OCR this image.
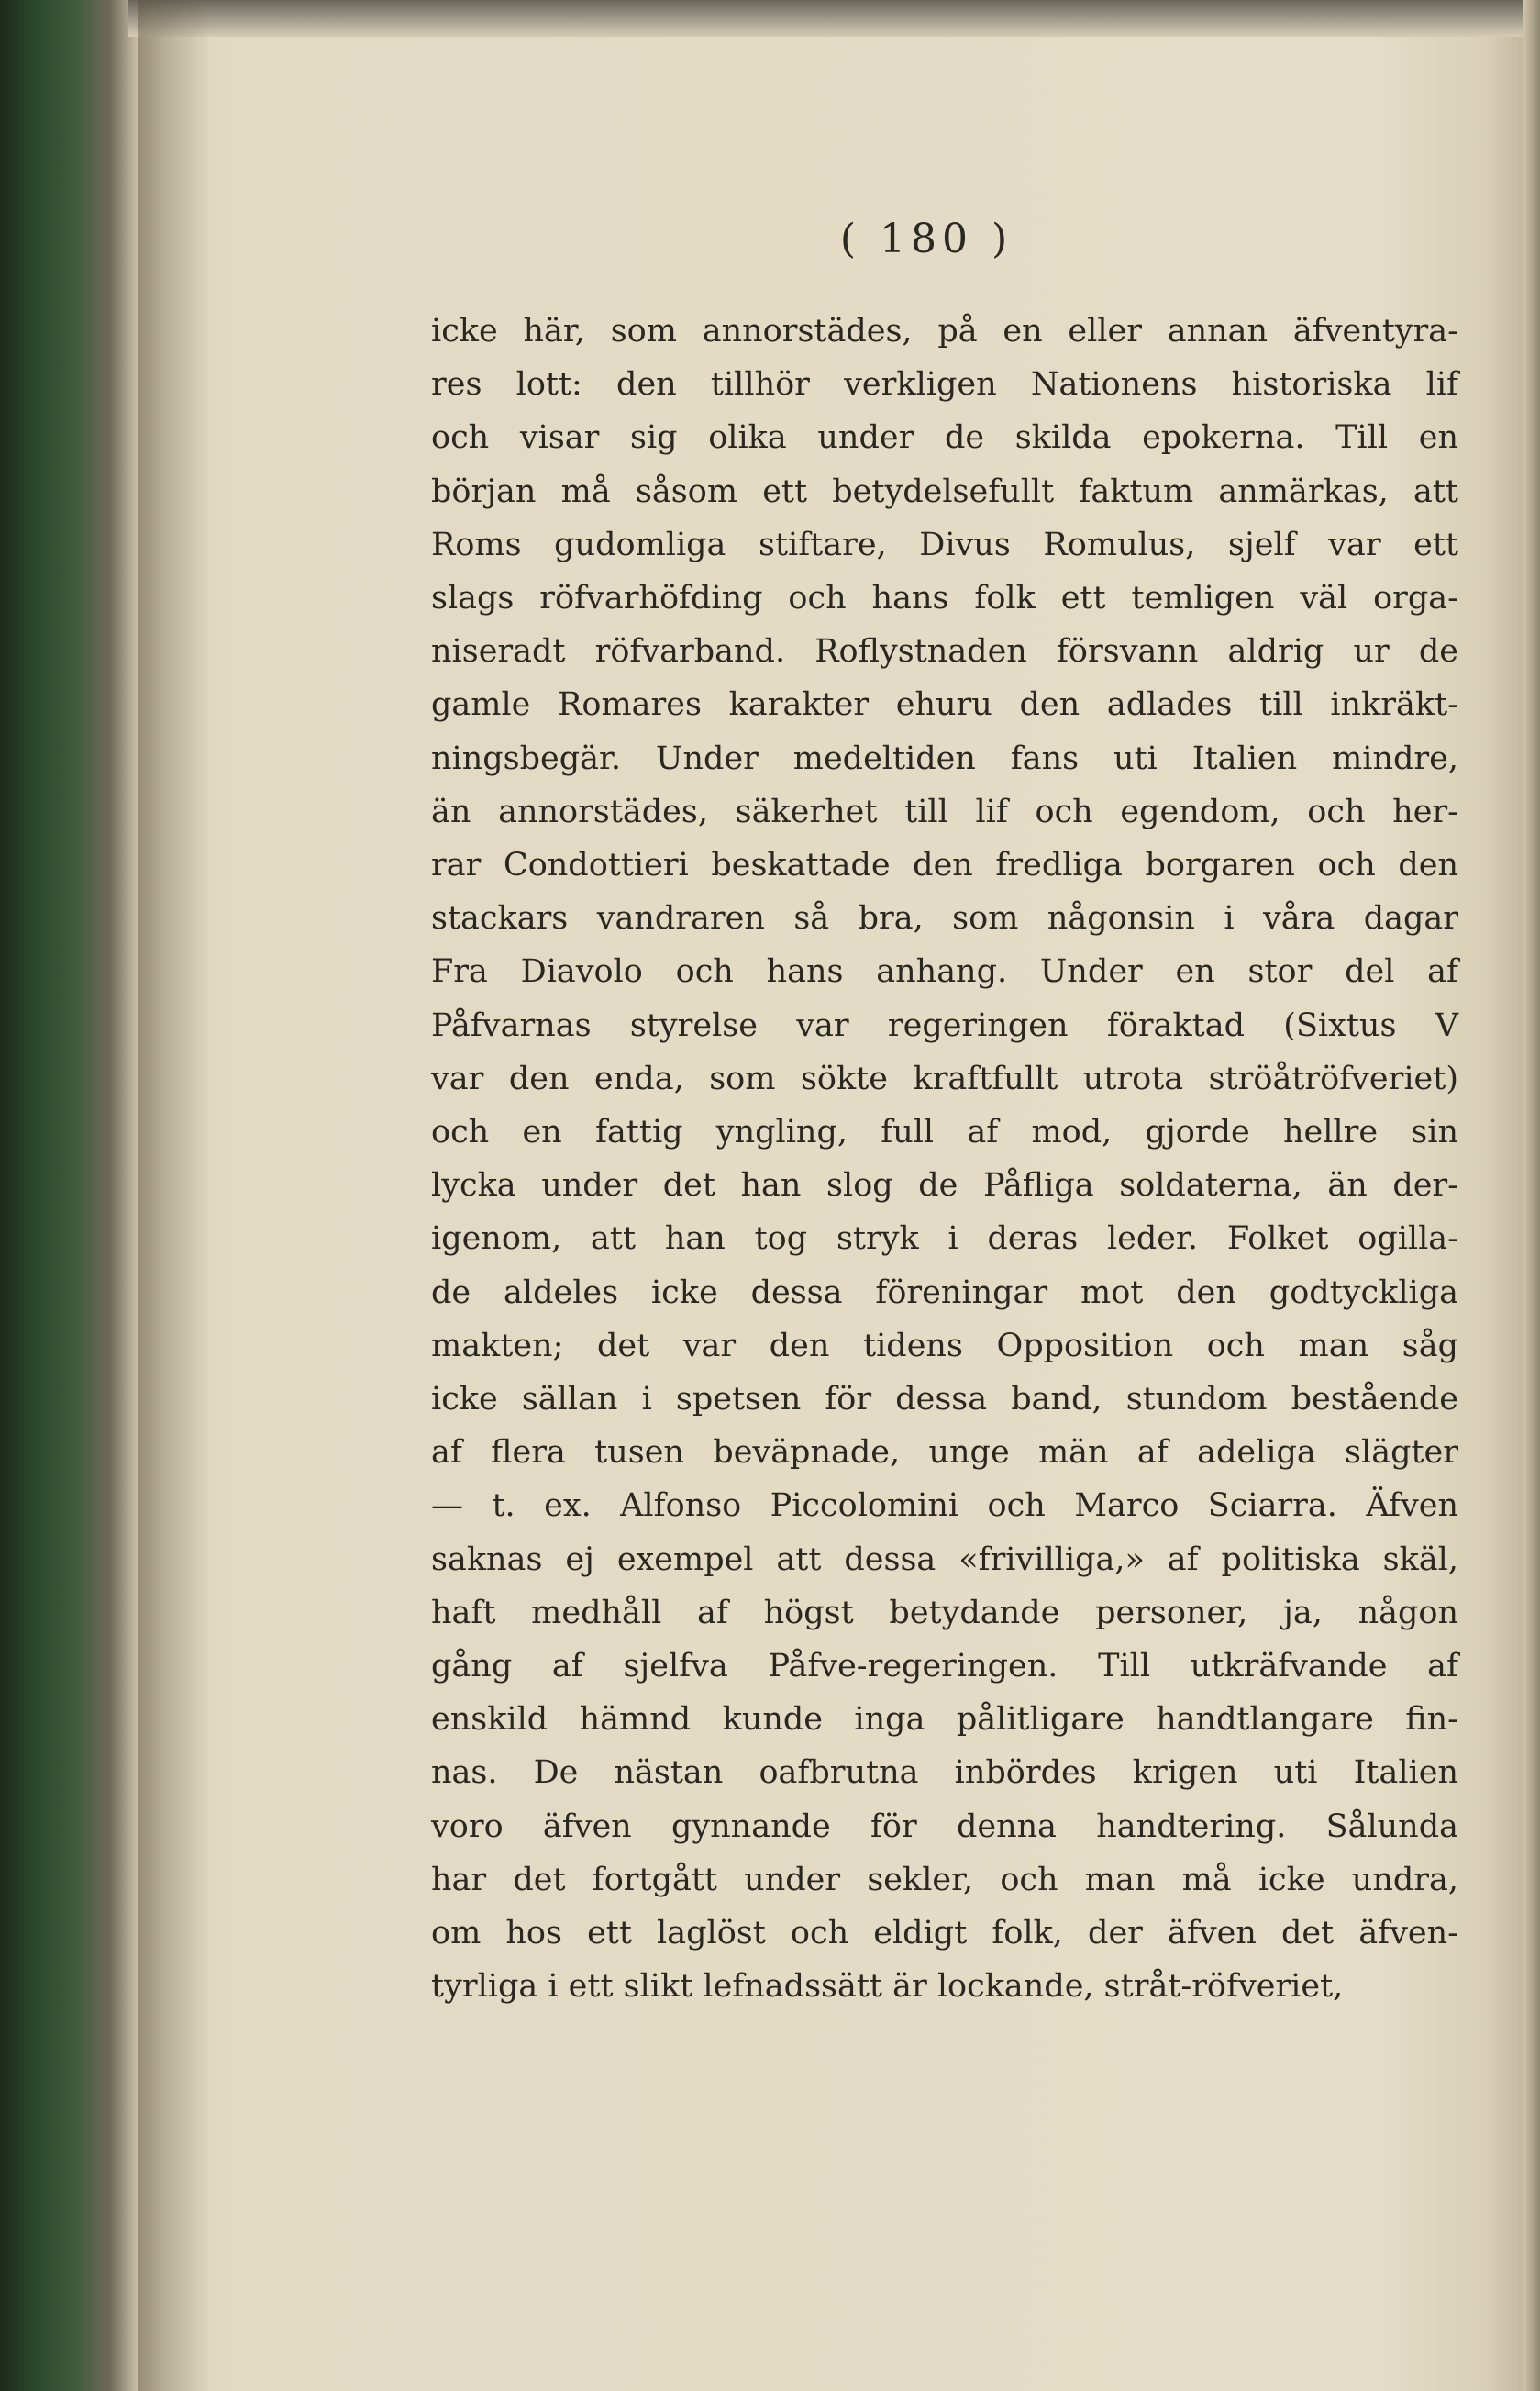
( 180 )
icke här, som annorstädes, på en eller annan äfventyra-
res lott: den tillhör verkligen Nationens historiska lif
och visar sig olika under de skilda epokerna. Till en
början må såsom ett betydelsefullt faktum anmärkas, att
Roms gudomliga stiftare, Divus Romulus, sjelf var ett
slags röfvarhöfding och hans folk ett temligen väl orga-
niseradt röfvarband. Roflystnaden försvann aldrig ur de
gamle Romares karakter ehuru den adlades till inkräkt-
ningsbegär. Under medeltiden fans uti Italien mindre,
än annorstädes, säkerhet till lif och egendom, och her-
rar Condottieri beskattade den fredliga borgaren och den
stackars vandraren så bra, som någonsin i våra dagar
Fra Diavolo och hans anhang. Under en stor del af
Påfvarnas styrelse var regeringen föraktad (Sixtus V
var den enda, som sökte kraftfullt utrota ströåtröfveriet)
och en fattig yngling, full af mod, gjorde hellre sin
lycka under det han slog de Påfliga soldaterna, än der-
igenom, att han tog stryk i deras leder. Folket ogilla-
de aldeles icke dessa föreningar mot den godtyckliga
makten; det var den tidens Opposition och man såg
icke sällan i spetsen för dessa band, stundom bestående
af flera tusen beväpnade, unge män af adeliga slägter
— t. ex. Alfonso Piccolomini och Marco Sciarra. Äfven
saknas ej exempel att dessa «frivilliga,» af politiska skäl,
haft medhåll af högst betydande personer, ja, någon
gång af sjelfva Påfve-regeringen. Till utkräfvande af
enskild hämnd kunde inga pålitligare handtlangare fin-
nas. De nästan oafbrutna inbördes krigen uti Italien
voro äfven gynnande för denna handtering. Sålunda
har det fortgått under sekler, och man må icke undra,
om hos ett laglöst och eldigt folk, der äfven det äfven-
tyrliga i ett slikt lefnadssätt är lockande, stråt-röfveriet,
